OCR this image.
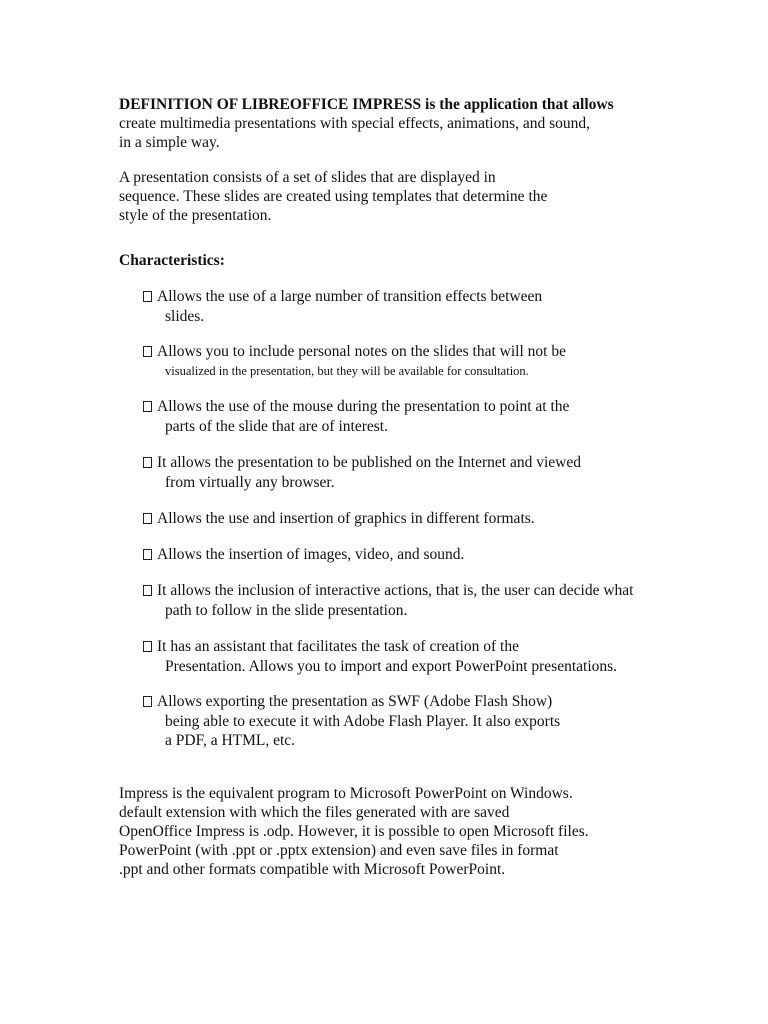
DEFINITION OF LIBREOFFICE IMPRESS is the application that allows
create multimedia presentations with special effects, animations, and sound,
in a simple way.
A presentation consists of a set of slides that are displayed in
sequence. These slides are created using templates that determine the
style of the presentation.
Characteristics:
Allows the use of a large number of transition effects between
slides.
Allows you to include personal notes on the slides that will not be
visualized in the presentation, but they will be available for consultation.
Allows the use of the mouse during the presentation to point at the
parts of the slide that are of interest.
It allows the presentation to be published on the Internet and viewed
from virtually any browser.
Allows the use and insertion of graphics in different formats.
Allows the insertion of images, video, and sound.
It allows the inclusion of interactive actions, that is, the user can decide what
path to follow in the slide presentation.
It has an assistant that facilitates the task of creation of the
Presentation. Allows you to import and export PowerPoint presentations.
Allows exporting the presentation as SWF (Adobe Flash Show)
being able to execute it with Adobe Flash Player. It also exports
a PDF, a HTML, etc.
Impress is the equivalent program to Microsoft PowerPoint on Windows.
default extension with which the files generated with are saved
OpenOffice Impress is .odp. However, it is possible to open Microsoft files.
PowerPoint (with .ppt or .pptx extension) and even save files in format
.ppt and other formats compatible with Microsoft PowerPoint.
